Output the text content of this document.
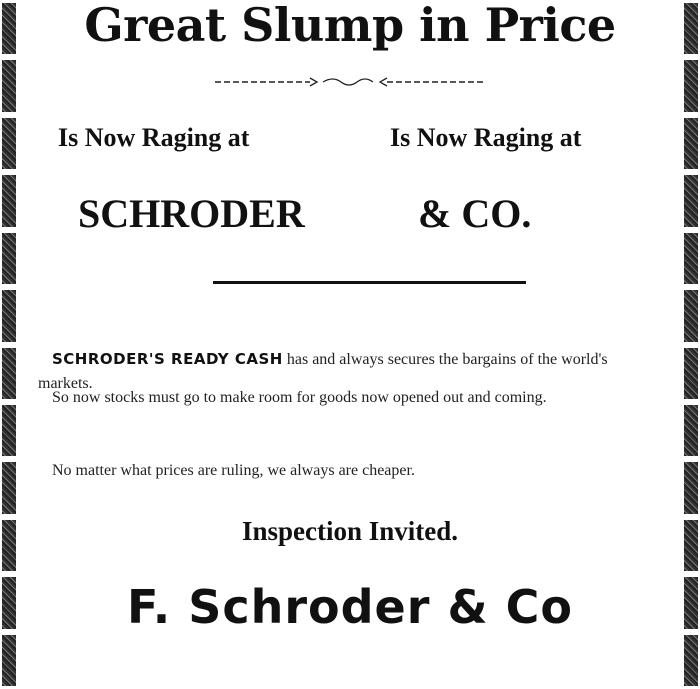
Great Slump in Price
Is Now Raging at	Is Now Raging at
SCHRODER	& CO.
SCHRODER'S READY CASH has and always secures the bargains of the world's markets.
So now stocks must go to make room for goods now opened out and coming.
No matter what prices are ruling, we always are cheaper.
Inspection Invited.
F. Schroder & Co
